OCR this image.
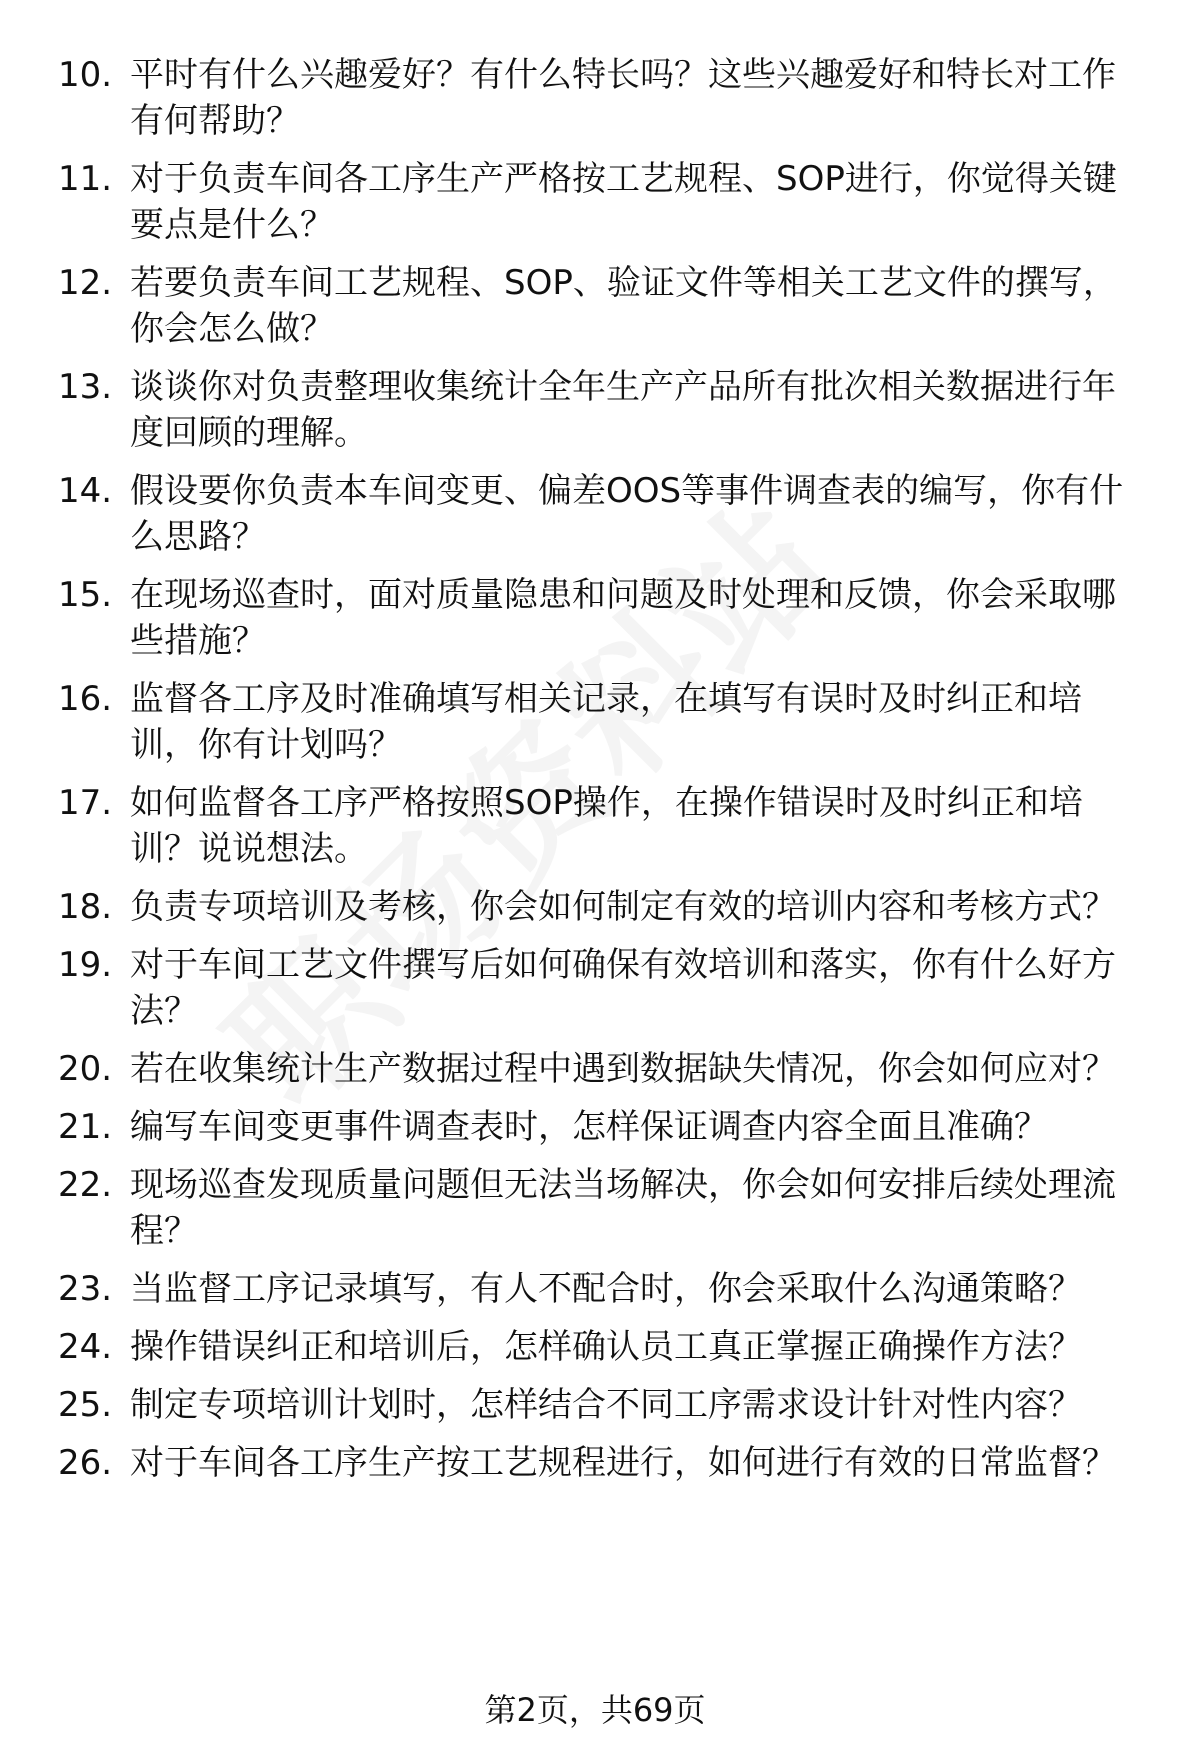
10. 平时有什么兴趣爱好？有什么特长吗？这些兴趣爱好和特长对工作有何帮助？
11. 对于负责车间各工序生产严格按工艺规程、SOP进行，你觉得关键要点是什么？
12. 若要负责车间工艺规程、SOP、验证文件等相关工艺文件的撰写，你会怎么做？
13. 谈谈你对负责整理收集统计全年生产产品所有批次相关数据进行年度回顾的理解。
14. 假设要你负责本车间变更、偏差OOS等事件调查表的编写，你有什么思路？
15. 在现场巡查时，面对质量隐患和问题及时处理和反馈，你会采取哪些措施？
16. 监督各工序及时准确填写相关记录，在填写有误时及时纠正和培训，你有计划吗？
17. 如何监督各工序严格按照SOP操作，在操作错误时及时纠正和培训？说说想法。
18. 负责专项培训及考核，你会如何制定有效的培训内容和考核方式？
19. 对于车间工艺文件撰写后如何确保有效培训和落实，你有什么好方法？
20. 若在收集统计生产数据过程中遇到数据缺失情况，你会如何应对？
21. 编写车间变更事件调查表时，怎样保证调查内容全面且准确？
22. 现场巡查发现质量问题但无法当场解决，你会如何安排后续处理流程？
23. 当监督工序记录填写，有人不配合时，你会采取什么沟通策略？
24. 操作错误纠正和培训后，怎样确认员工真正掌握正确操作方法？
25. 制定专项培训计划时，怎样结合不同工序需求设计针对性内容？
26. 对于车间各工序生产按工艺规程进行，如何进行有效的日常监督？
第2页，共69页
